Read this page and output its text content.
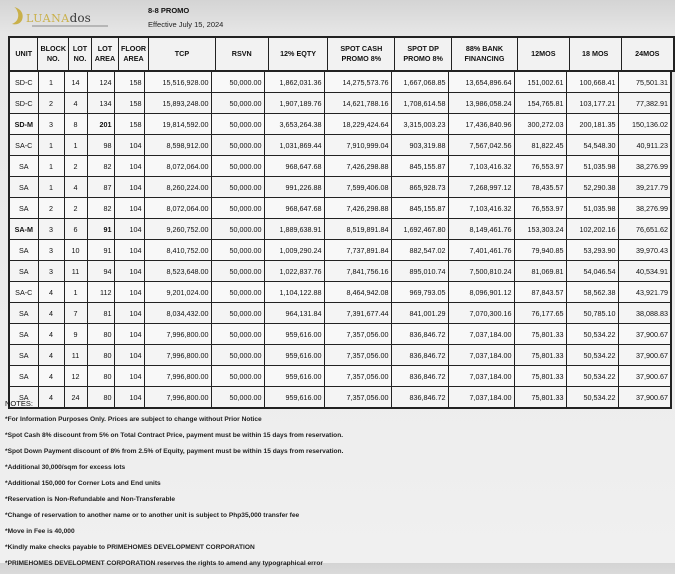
LUANAdos
8-8 PROMO
Effective July 15, 2024
UNIT	BLOCK NO.	LOT NO.	LOT AREA	FLOOR AREA	TCP	RSVN	12% EQTY	SPOT CASH PROMO 8%	SPOT DP PROMO 8%	88% BANK FINANCING	12MOS	18 MOS	24MOS
SD-C	1	14	124	158	15,516,928.00	50,000.00	1,862,031.36	14,275,573.76	1,667,068.85	13,654,896.64	151,002.61	100,668.41	75,501.31
SD-C	2	4	134	158	15,893,248.00	50,000.00	1,907,189.76	14,621,788.16	1,708,614.58	13,986,058.24	154,765.81	103,177.21	77,382.91
SD-M	3	8	201	158	19,814,592.00	50,000.00	3,653,264.38	18,229,424.64	3,315,003.23	17,436,840.96	300,272.03	200,181.35	150,136.02
SA-C	1	1	98	104	8,598,912.00	50,000.00	1,031,869.44	7,910,999.04	903,319.88	7,567,042.56	81,822.45	54,548.30	40,911.23
SA	1	2	82	104	8,072,064.00	50,000.00	968,647.68	7,426,298.88	845,155.87	7,103,416.32	76,553.97	51,035.98	38,276.99
SA	1	4	87	104	8,260,224.00	50,000.00	991,226.88	7,599,406.08	865,928.73	7,268,997.12	78,435.57	52,290.38	39,217.79
SA	2	2	82	104	8,072,064.00	50,000.00	968,647.68	7,426,298.88	845,155.87	7,103,416.32	76,553.97	51,035.98	38,276.99
SA-M	3	6	91	104	9,260,752.00	50,000.00	1,889,638.91	8,519,891.84	1,692,467.80	8,149,461.76	153,303.24	102,202.16	76,651.62
SA	3	10	91	104	8,410,752.00	50,000.00	1,009,290.24	7,737,891.84	882,547.02	7,401,461.76	79,940.85	53,293.90	39,970.43
SA	3	11	94	104	8,523,648.00	50,000.00	1,022,837.76	7,841,756.16	895,010.74	7,500,810.24	81,069.81	54,046.54	40,534.91
SA-C	4	1	112	104	9,201,024.00	50,000.00	1,104,122.88	8,464,942.08	969,793.05	8,096,901.12	87,843.57	58,562.38	43,921.79
SA	4	7	81	104	8,034,432.00	50,000.00	964,131.84	7,391,677.44	841,001.29	7,070,300.16	76,177.65	50,785.10	38,088.83
SA	4	9	80	104	7,996,800.00	50,000.00	959,616.00	7,357,056.00	836,846.72	7,037,184.00	75,801.33	50,534.22	37,900.67
SA	4	11	80	104	7,996,800.00	50,000.00	959,616.00	7,357,056.00	836,846.72	7,037,184.00	75,801.33	50,534.22	37,900.67
SA	4	12	80	104	7,996,800.00	50,000.00	959,616.00	7,357,056.00	836,846.72	7,037,184.00	75,801.33	50,534.22	37,900.67
SA	4	24	80	104	7,996,800.00	50,000.00	959,616.00	7,357,056.00	836,846.72	7,037,184.00	75,801.33	50,534.22	37,900.67
NOTES:
*For Information Purposes Only. Prices are subject to change without Prior Notice
*Spot Cash 8% discount from 5% on Total Contract Price, payment must be within 15 days from reservation.
*Spot Down Payment discount of 8% from 2.5% of Equity, payment must be within 15 days from reservation.
*Additional 30,000/sqm for excess lots
*Additional 150,000 for Corner Lots and End units
*Reservation is Non-Refundable and Non-Transferable
*Change of reservation to another name or to another unit is subject to Php35,000 transfer fee
*Move in Fee is 40,000
*Kindly make checks payable to PRIMEHOMES DEVELOPMENT CORPORATION
*PRIMEHOMES DEVELOPMENT CORPORATION reserves the rights to amend any typographical error
